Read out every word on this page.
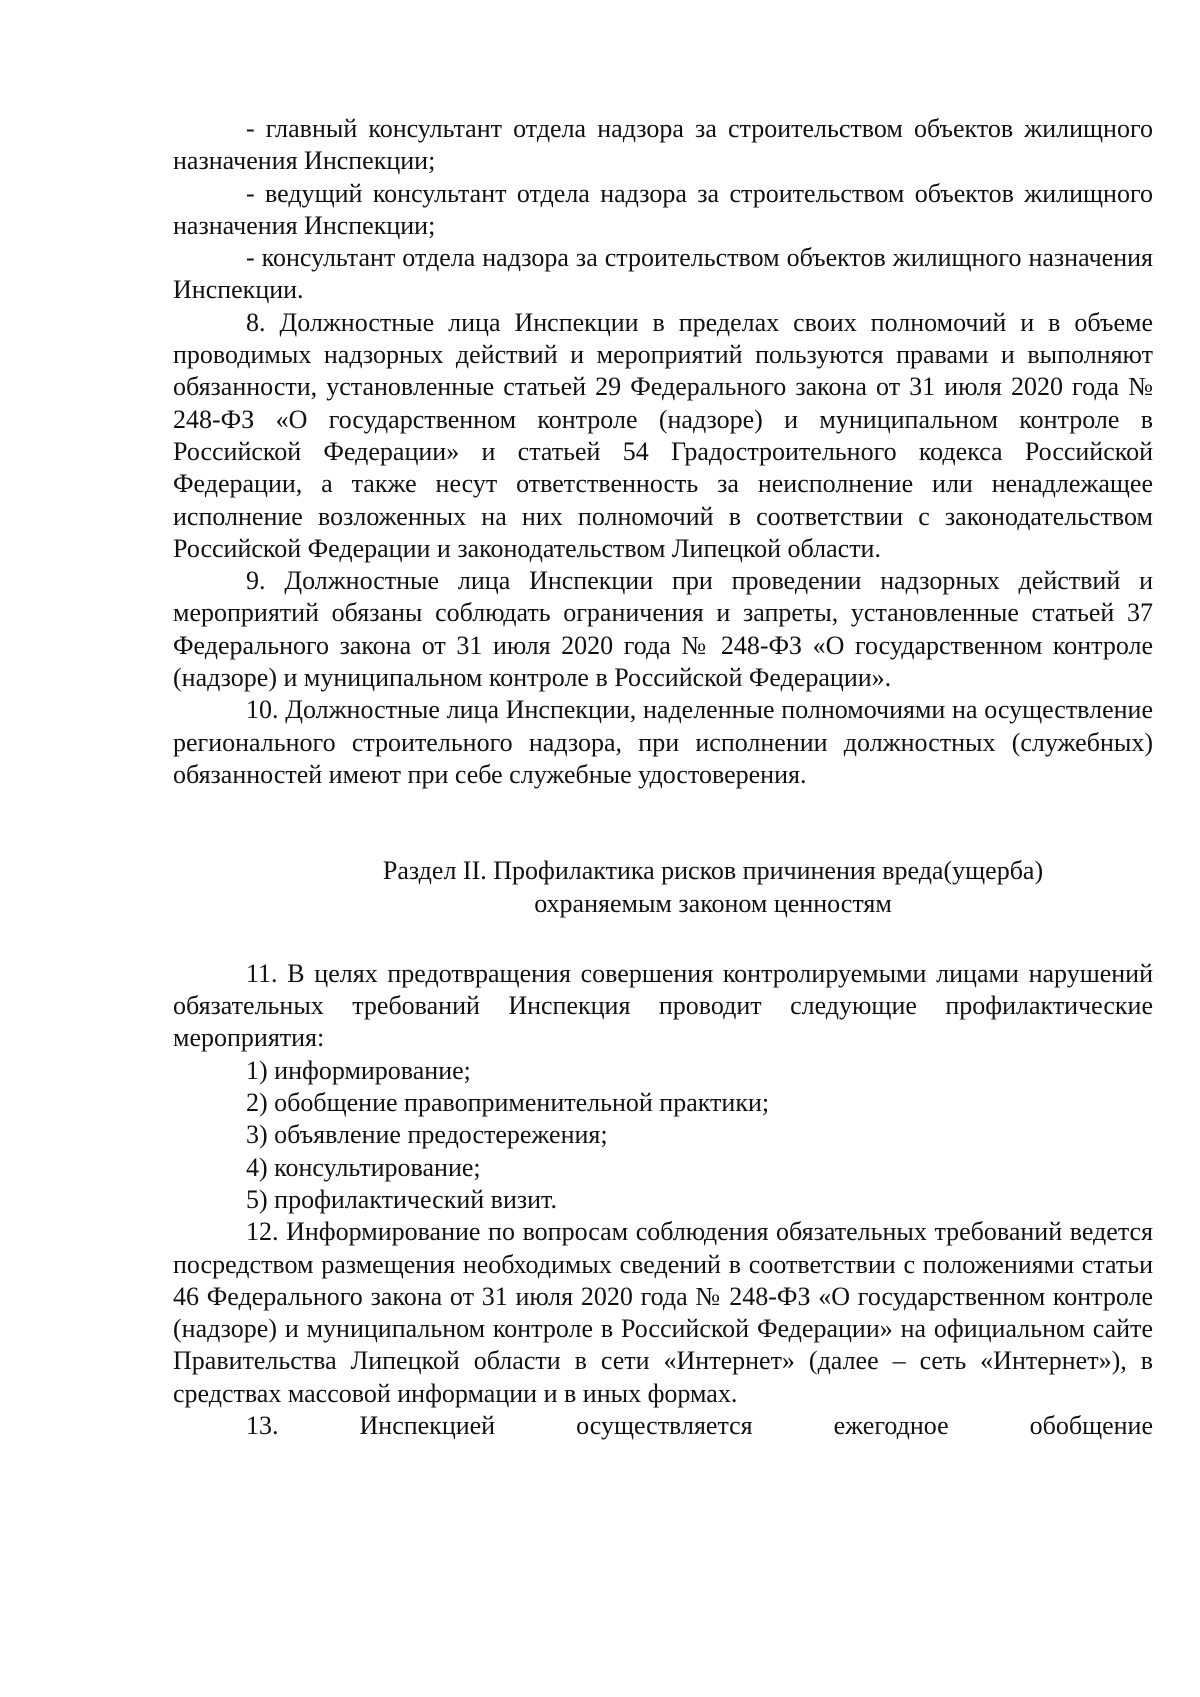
- главный консультант отдела надзора за строительством объектов жилищного назначения Инспекции;

- ведущий консультант отдела надзора за строительством объектов жилищного назначения Инспекции;

- консультант отдела надзора за строительством объектов жилищного назначения Инспекции.

8. Должностные лица Инспекции в пределах своих полномочий и в объеме проводимых надзорных действий и мероприятий пользуются правами и выполняют обязанности, установленные статьей 29 Федерального закона от 31 июля 2020 года № 248-ФЗ «О государственном контроле (надзоре) и муниципальном контроле в Российской Федерации» и статьей 54 Градостроительного кодекса Российской Федерации, а также несут ответственность за неисполнение или ненадлежащее исполнение возложенных на них полномочий в соответствии с законодательством Российской Федерации и законодательством Липецкой области.

9. Должностные лица Инспекции при проведении надзорных действий и мероприятий обязаны соблюдать ограничения и запреты, установленные статьей 37 Федерального закона от 31 июля 2020 года № 248-ФЗ «О государственном контроле (надзоре) и муниципальном контроле в Российской Федерации».

10. Должностные лица Инспекции, наделенные полномочиями на осуществление регионального строительного надзора, при исполнении должностных (служебных) обязанностей имеют при себе служебные удостоверения.

Раздел II. Профилактика рисков причинения вреда(ущерба)
охраняемым законом ценностям

11. В целях предотвращения совершения контролируемыми лицами нарушений обязательных требований Инспекция проводит следующие профилактические мероприятия:

1) информирование;

2) обобщение правоприменительной практики;

3) объявление предостережения;

4) консультирование;

5) профилактический визит.

12. Информирование по вопросам соблюдения обязательных требований ведется посредством размещения необходимых сведений в соответствии с положениями статьи 46 Федерального закона от 31 июля 2020 года № 248-ФЗ «О государственном контроле (надзоре) и муниципальном контроле в Российской Федерации» на официальном сайте Правительства Липецкой области в сети «Интернет» (далее – сеть «Интернет»), в средствах массовой информации и в иных формах.

13. Инспекцией осуществляется ежегодное обобщение
